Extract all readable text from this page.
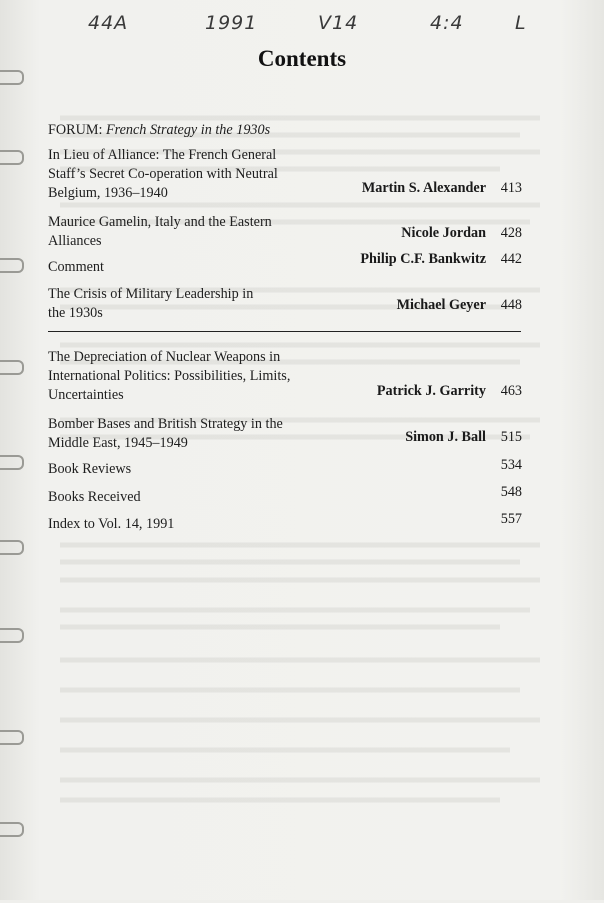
44A	1991	V14	4:4	L
Contents
FORUM: French Strategy in the 1930s
In Lieu of Alliance: The French General
Staff’s Secret Co-operation with Neutral
Belgium, 1936–1940	Martin S. Alexander	413
Maurice Gamelin, Italy and the Eastern
Alliances	Nicole Jordan	428
Comment	Philip C.F. Bankwitz	442
The Crisis of Military Leadership in
the 1930s	Michael Geyer	448
The Depreciation of Nuclear Weapons in
International Politics: Possibilities, Limits,
Uncertainties	Patrick J. Garrity	463
Bomber Bases and British Strategy in the
Middle East, 1945–1949	Simon J. Ball	515
Book Reviews	534
Books Received	548
Index to Vol. 14, 1991	557
